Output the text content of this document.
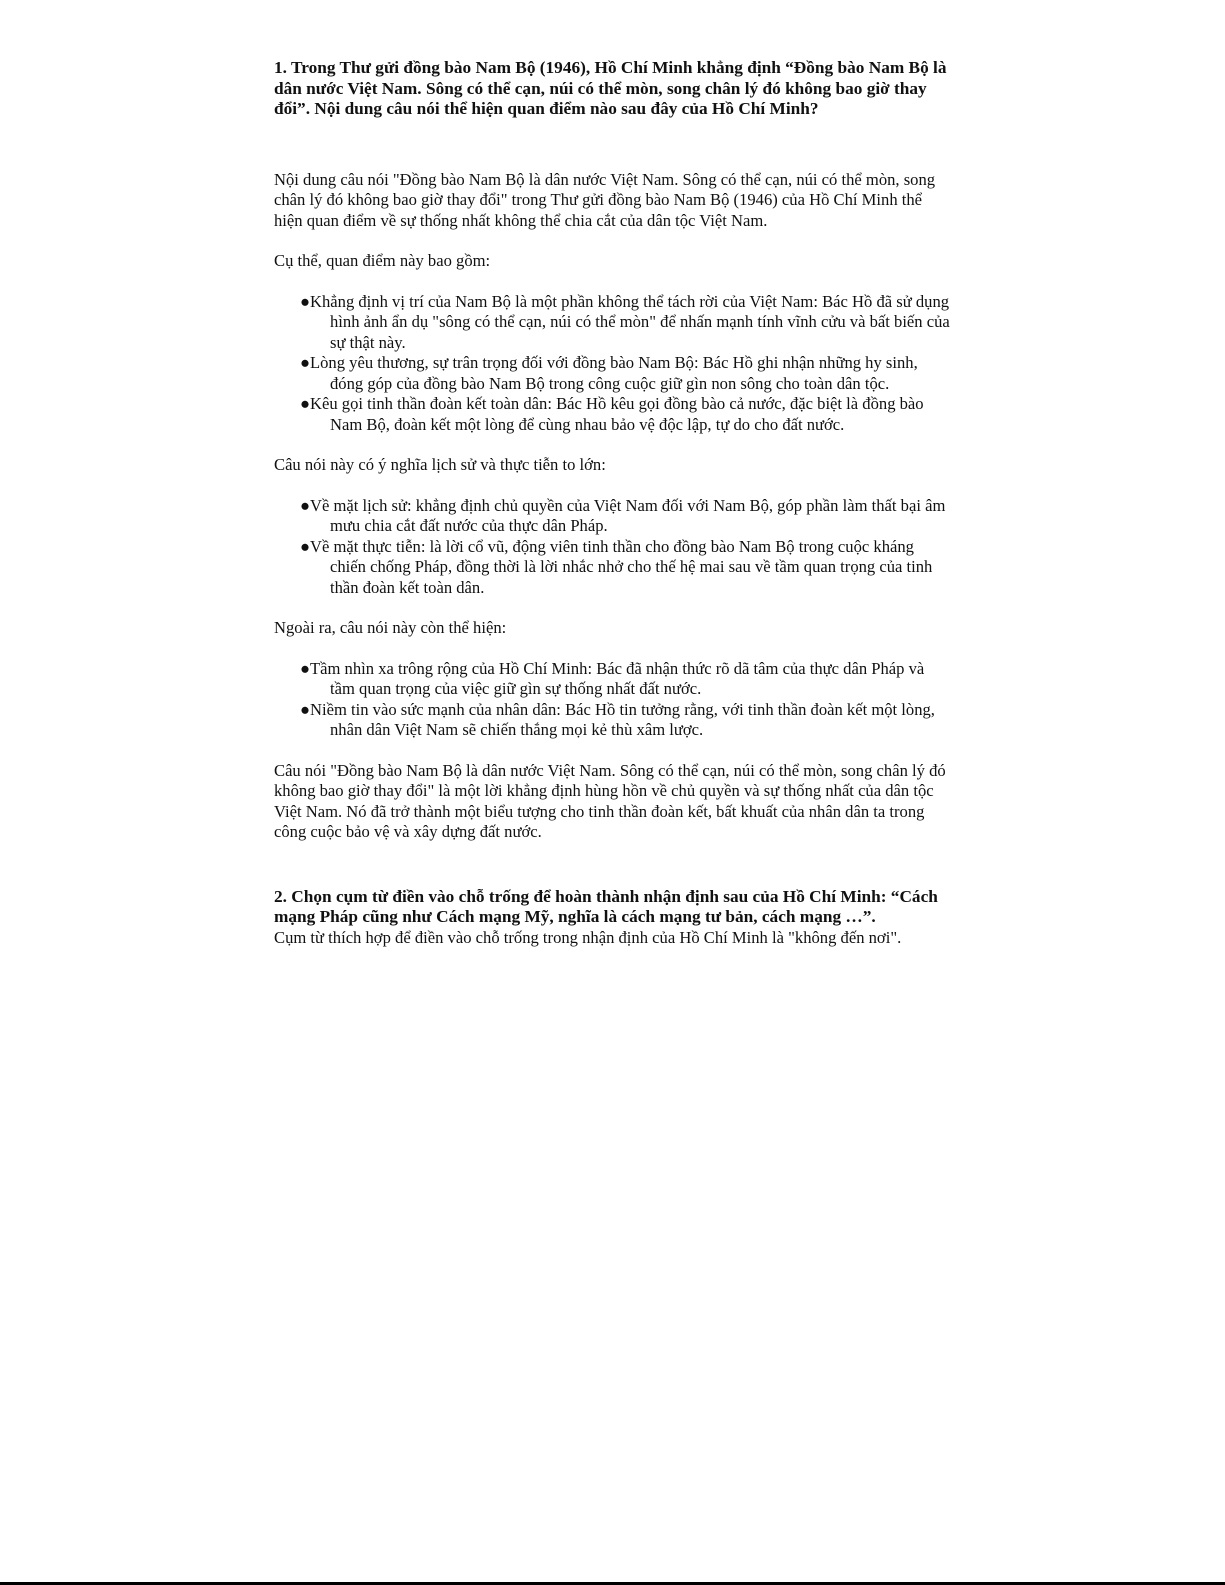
1. Trong Thư gửi đồng bào Nam Bộ (1946), Hồ Chí Minh khẳng định “Đồng bào Nam Bộ là dân nước Việt Nam. Sông có thể cạn, núi có thể mòn, song chân lý đó không bao giờ thay đổi”. Nội dung câu nói thể hiện quan điểm nào sau đây của Hồ Chí Minh?

Nội dung câu nói "Đồng bào Nam Bộ là dân nước Việt Nam. Sông có thể cạn, núi có thể mòn, song chân lý đó không bao giờ thay đổi" trong Thư gửi đồng bào Nam Bộ (1946) của Hồ Chí Minh thể hiện quan điểm về sự thống nhất không thể chia cắt của dân tộc Việt Nam.

Cụ thể, quan điểm này bao gồm:

●Khẳng định vị trí của Nam Bộ là một phần không thể tách rời của Việt Nam: Bác Hồ đã sử dụng hình ảnh ẩn dụ "sông có thể cạn, núi có thể mòn" để nhấn mạnh tính vĩnh cửu và bất biến của sự thật này.
●Lòng yêu thương, sự trân trọng đối với đồng bào Nam Bộ: Bác Hồ ghi nhận những hy sinh, đóng góp của đồng bào Nam Bộ trong công cuộc giữ gìn non sông cho toàn dân tộc.
●Kêu gọi tinh thần đoàn kết toàn dân: Bác Hồ kêu gọi đồng bào cả nước, đặc biệt là đồng bào Nam Bộ, đoàn kết một lòng để cùng nhau bảo vệ độc lập, tự do cho đất nước.

Câu nói này có ý nghĩa lịch sử và thực tiễn to lớn:

●Về mặt lịch sử: khẳng định chủ quyền của Việt Nam đối với Nam Bộ, góp phần làm thất bại âm mưu chia cắt đất nước của thực dân Pháp.
●Về mặt thực tiễn: là lời cổ vũ, động viên tinh thần cho đồng bào Nam Bộ trong cuộc kháng chiến chống Pháp, đồng thời là lời nhắc nhở cho thế hệ mai sau về tầm quan trọng của tinh thần đoàn kết toàn dân.

Ngoài ra, câu nói này còn thể hiện:

●Tầm nhìn xa trông rộng của Hồ Chí Minh: Bác đã nhận thức rõ dã tâm của thực dân Pháp và tầm quan trọng của việc giữ gìn sự thống nhất đất nước.
●Niềm tin vào sức mạnh của nhân dân: Bác Hồ tin tưởng rằng, với tinh thần đoàn kết một lòng, nhân dân Việt Nam sẽ chiến thắng mọi kẻ thù xâm lược.

Câu nói "Đồng bào Nam Bộ là dân nước Việt Nam. Sông có thể cạn, núi có thể mòn, song chân lý đó không bao giờ thay đổi" là một lời khẳng định hùng hồn về chủ quyền và sự thống nhất của dân tộc Việt Nam. Nó đã trở thành một biểu tượng cho tinh thần đoàn kết, bất khuất của nhân dân ta trong công cuộc bảo vệ và xây dựng đất nước.

2. Chọn cụm từ điền vào chỗ trống để hoàn thành nhận định sau của Hồ Chí Minh: “Cách mạng Pháp cũng như Cách mạng Mỹ, nghĩa là cách mạng tư bản, cách mạng …”.

Cụm từ thích hợp để điền vào chỗ trống trong nhận định của Hồ Chí Minh là "không đến nơi".
